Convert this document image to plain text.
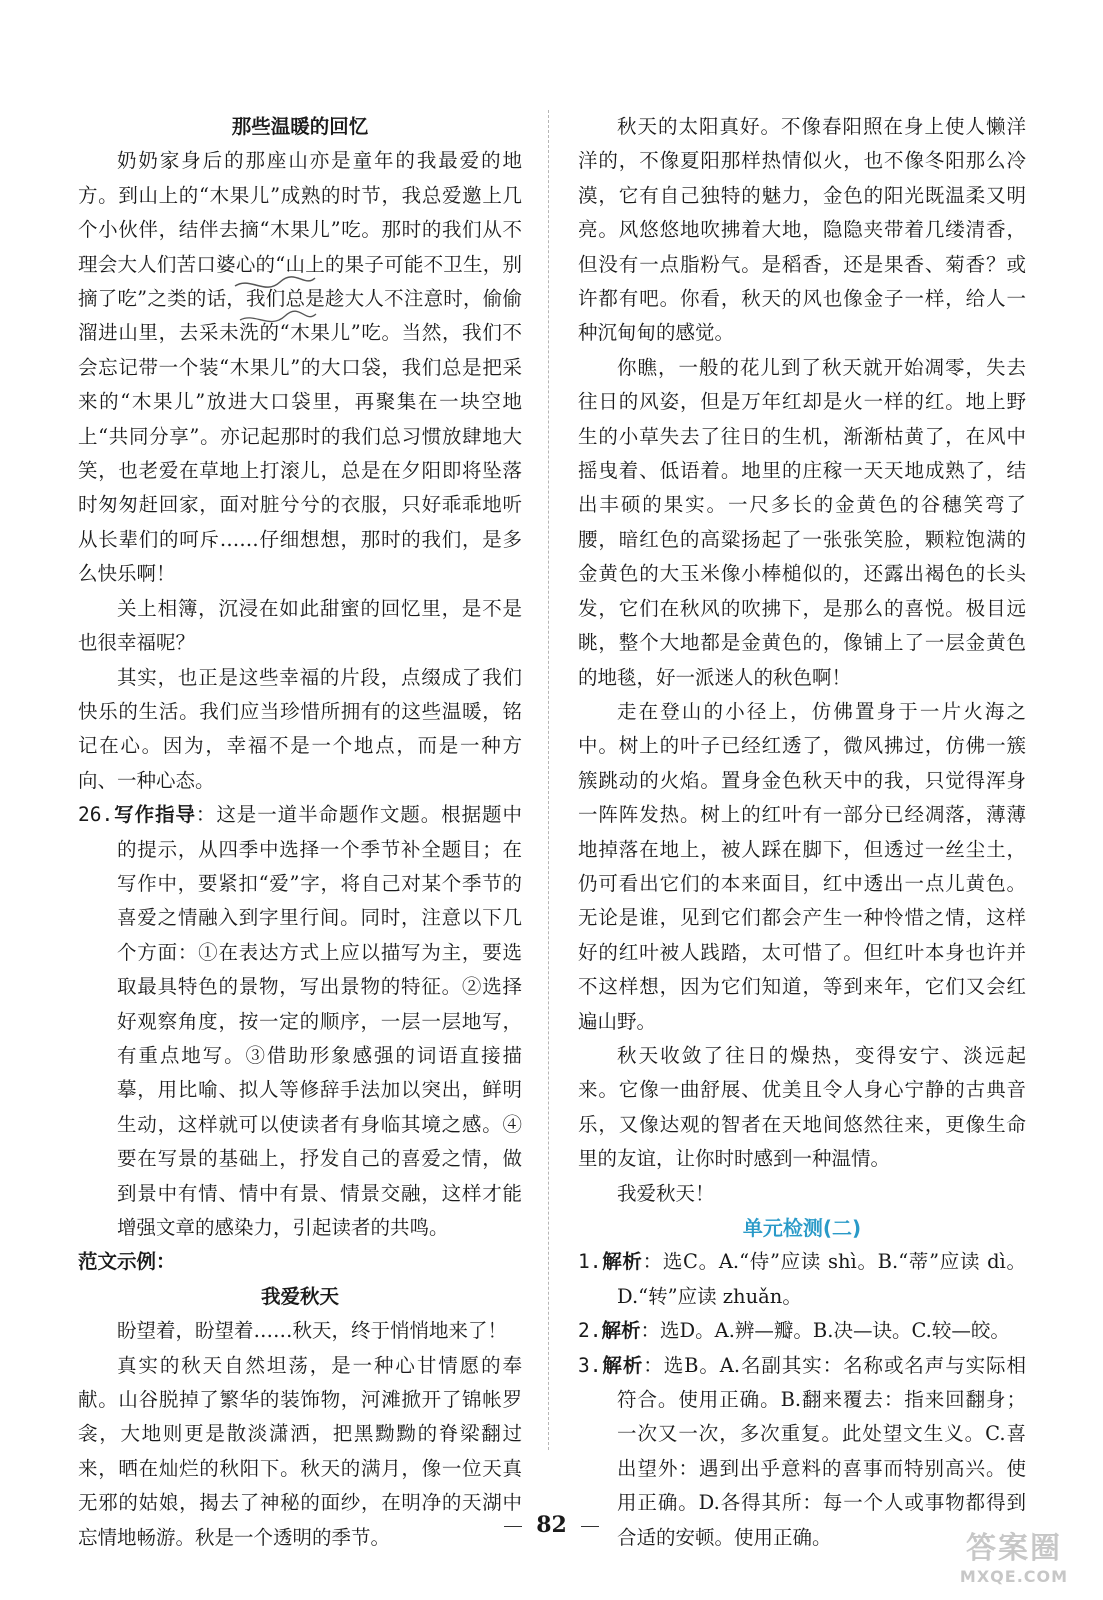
那些温暖的回忆

奶奶家身后的那座山亦是童年的我最爱的地方。到山上的“木果儿”成熟的时节，我总爱邀上几个小伙伴，结伴去摘“木果儿”吃。那时的我们从不理会大人们苦口婆心的“山上的果子可能不卫生，别摘了吃”之类的话，我们总是趁大人不注意时，偷偷溜进山里，去采未洗的“木果儿”吃。当然，我们不会忘记带一个装“木果儿”的大口袋，我们总是把采来的“木果儿”放进大口袋里，再聚集在一块空地上“共同分享”。亦记起那时的我们总习惯放肆地大笑，也老爱在草地上打滚儿，总是在夕阳即将坠落时匆匆赶回家，面对脏兮兮的衣服，只好乖乖地听从长辈们的呵斥……仔细想想，那时的我们，是多么快乐啊！

关上相簿，沉浸在如此甜蜜的回忆里，是不是也很幸福呢？

其实，也正是这些幸福的片段，点缀成了我们快乐的生活。我们应当珍惜所拥有的这些温暖，铭记在心。因为，幸福不是一个地点，而是一种方向、一种心态。

26.写作指导：这是一道半命题作文题。根据题中的提示，从四季中选择一个季节补全题目；在写作中，要紧扣“爱”字，将自己对某个季节的喜爱之情融入到字里行间。同时，注意以下几个方面：①在表达方式上应以描写为主，要选取最具特色的景物，写出景物的特征。②选择好观察角度，按一定的顺序，一层一层地写，有重点地写。③借助形象感强的词语直接描摹，用比喻、拟人等修辞手法加以突出，鲜明生动，这样就可以使读者有身临其境之感。④要在写景的基础上，抒发自己的喜爱之情，做到景中有情、情中有景、情景交融，这样才能增强文章的感染力，引起读者的共鸣。

范文示例：

我爱秋天

盼望着，盼望着……秋天，终于悄悄地来了！

真实的秋天自然坦荡，是一种心甘情愿的奉献。山谷脱掉了繁华的装饰物，河滩掀开了锦帐罗衾，大地则更是散淡潇洒，把黑黝黝的脊梁翻过来，晒在灿烂的秋阳下。秋天的满月，像一位天真无邪的姑娘，揭去了神秘的面纱，在明净的天湖中忘情地畅游。秋是一个透明的季节。

秋天的太阳真好。不像春阳照在身上使人懒洋洋的，不像夏阳那样热情似火，也不像冬阳那么冷漠，它有自己独特的魅力，金色的阳光既温柔又明亮。风悠悠地吹拂着大地，隐隐夹带着几缕清香，但没有一点脂粉气。是稻香，还是果香、菊香？或许都有吧。你看，秋天的风也像金子一样，给人一种沉甸甸的感觉。

你瞧，一般的花儿到了秋天就开始凋零，失去往日的风姿，但是万年红却是火一样的红。地上野生的小草失去了往日的生机，渐渐枯黄了，在风中摇曳着、低语着。地里的庄稼一天天地成熟了，结出丰硕的果实。一尺多长的金黄色的谷穗笑弯了腰，暗红色的高粱扬起了一张张笑脸，颗粒饱满的金黄色的大玉米像小棒槌似的，还露出褐色的长头发，它们在秋风的吹拂下，是那么的喜悦。极目远眺，整个大地都是金黄色的，像铺上了一层金黄色的地毯，好一派迷人的秋色啊！

走在登山的小径上，仿佛置身于一片火海之中。树上的叶子已经红透了，微风拂过，仿佛一簇簇跳动的火焰。置身金色秋天中的我，只觉得浑身一阵阵发热。树上的红叶有一部分已经凋落，薄薄地掉落在地上，被人踩在脚下，但透过一丝尘土，仍可看出它们的本来面目，红中透出一点儿黄色。无论是谁，见到它们都会产生一种怜惜之情，这样好的红叶被人践踏，太可惜了。但红叶本身也许并不这样想，因为它们知道，等到来年，它们又会红遍山野。

秋天收敛了往日的燥热，变得安宁、淡远起来。它像一曲舒展、优美且令人身心宁静的古典音乐，又像达观的智者在天地间悠然往来，更像生命里的友谊，让你时时感到一种温情。

我爱秋天！

单元检测(二)

1.解析：选C。A.“侍”应读 shì。B.“蒂”应读 dì。D.“转”应读 zhuǎn。

2.解析：选D。A.辨—瓣。B.决—诀。C.较—皎。

3.解析：选B。A.名副其实：名称或名声与实际相符合。使用正确。B.翻来覆去：指来回翻身；一次又一次，多次重复。此处望文生义。C.喜出望外：遇到出乎意料的喜事而特别高兴。使用正确。D.各得其所：每一个人或事物都得到合适的安顿。使用正确。

82
答案圈
MXQE.COM
